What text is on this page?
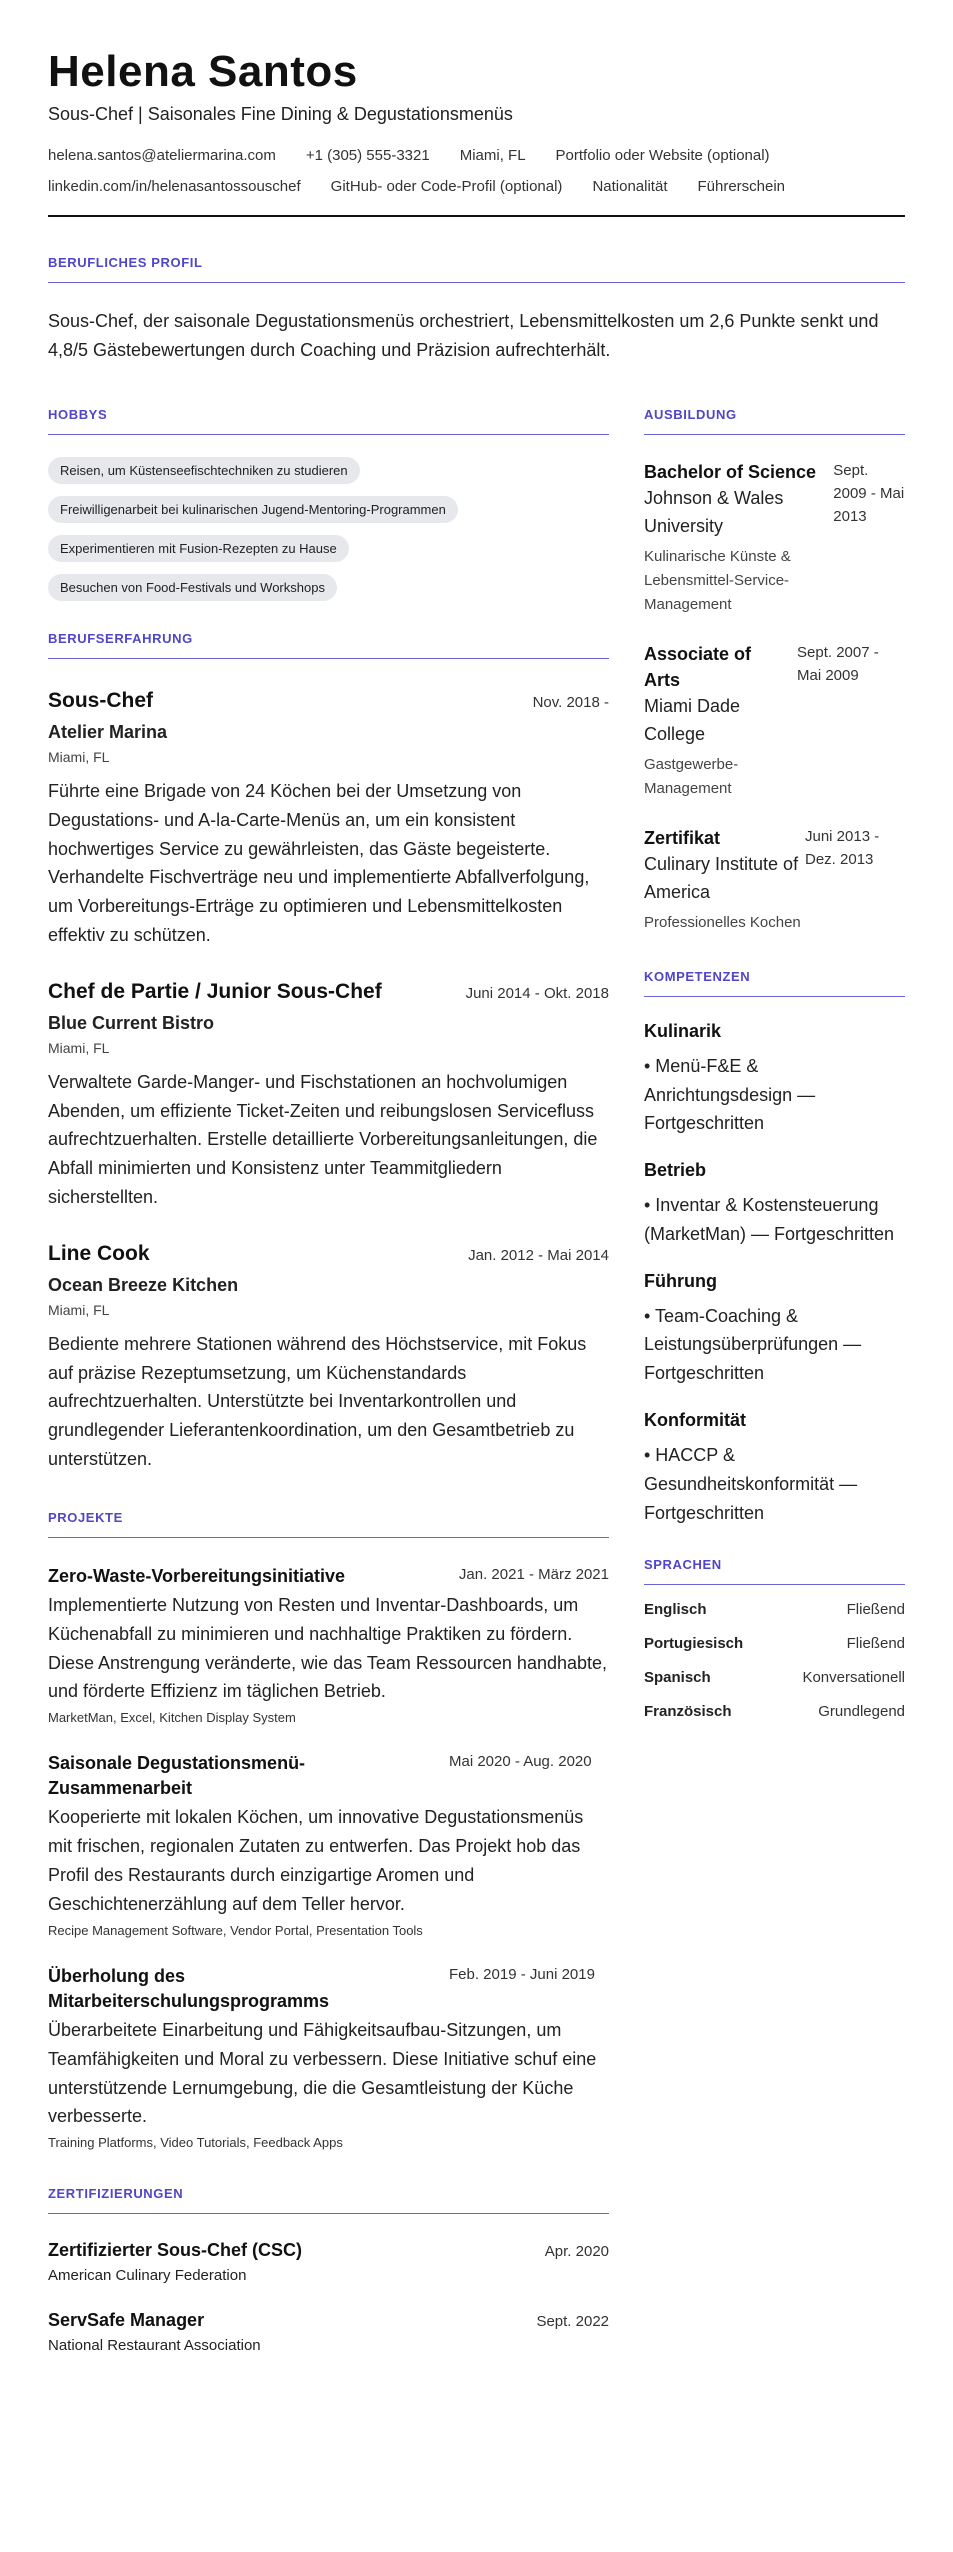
Helena Santos
Sous-Chef | Saisonales Fine Dining & Degustationsmenüs
helena.santos@ateliermarina.com +1 (305) 555-3321 Miami, FL Portfolio oder Website (optional)
linkedin.com/in/helenasantossouschef GitHub- oder Code-Profil (optional) Nationalität Führerschein
BERUFLICHES PROFIL

Sous-Chef, der saisonale Degustationsmenüs orchestriert, Lebensmittelkosten um 2,6 Punkte senkt und 4,8/5 Gästebewertungen durch Coaching und Präzision aufrechterhält.

HOBBYS
Reisen, um Küstenseefischtechniken zu studieren
Freiwilligenarbeit bei kulinarischen Jugend-Mentoring-Programmen
Experimentieren mit Fusion-Rezepten zu Hause
Besuchen von Food-Festivals und Workshops
BERUFSERFAHRUNG
Sous-Chef	Nov. 2018 -
Atelier Marina
Miami, FL
Führte eine Brigade von 24 Köchen bei der Umsetzung von Degustations- und A-la-Carte-Menüs an, um ein konsistent hochwertiges Service zu gewährleisten, das Gäste begeisterte. Verhandelte Fischverträge neu und implementierte Abfallverfolgung, um Vorbereitungs-Erträge zu optimieren und Lebensmittelkosten effektiv zu schützen.
Chef de Partie / Junior Sous-Chef	Juni 2014 - Okt. 2018
Blue Current Bistro
Miami, FL
Verwaltete Garde-Manger- und Fischstationen an hochvolumigen Abenden, um effiziente Ticket-Zeiten und reibungslosen Servicefluss aufrechtzuerhalten. Erstelle detaillierte Vorbereitungsanleitungen, die Abfall minimierten und Konsistenz unter Teammitgliedern sicherstellten.
Line Cook	Jan. 2012 - Mai 2014
Ocean Breeze Kitchen
Miami, FL
Bediente mehrere Stationen während des Höchstservice, mit Fokus auf präzise Rezeptumsetzung, um Küchenstandards aufrechtzuerhalten. Unterstützte bei Inventarkontrollen und grundlegender Lieferantenkoordination, um den Gesamtbetrieb zu unterstützen.
PROJEKTE
Zero-Waste-Vorbereitungsinitiative	Jan. 2021 - März 2021
Implementierte Nutzung von Resten und Inventar-Dashboards, um Küchenabfall zu minimieren und nachhaltige Praktiken zu fördern. Diese Anstrengung veränderte, wie das Team Ressourcen handhabte, und förderte Effizienz im täglichen Betrieb.
MarketMan, Excel, Kitchen Display System
Saisonale Degustationsmenü-Zusammenarbeit
Mai 2020 - Aug. 2020
Kooperierte mit lokalen Köchen, um innovative Degustationsmenüs mit frischen, regionalen Zutaten zu entwerfen. Das Projekt hob das Profil des Restaurants durch einzigartige Aromen und Geschichtenerzählung auf dem Teller hervor.
Recipe Management Software, Vendor Portal, Presentation Tools
Überholung des Mitarbeiterschulungsprogramms
Feb. 2019 - Juni 2019
Überarbeitete Einarbeitung und Fähigkeitsaufbau-Sitzungen, um Teamfähigkeiten und Moral zu verbessern. Diese Initiative schuf eine unterstützende Lernumgebung, die die Gesamtleistung der Küche verbesserte.
Training Platforms, Video Tutorials, Feedback Apps
ZERTIFIZIERUNGEN
Zertifizierter Sous-Chef (CSC)	Apr. 2020
American Culinary Federation
ServSafe Manager	Sept. 2022
National Restaurant Association
AUSBILDUNG
Bachelor of Science
Johnson & Wales University
Kulinarische Künste & Lebensmittel-Service-Management
Sept. 2009 - Mai 2013
Associate of Arts
Miami Dade College
Gastgewerbe-Management
Sept. 2007 - Mai 2009
Zertifikat
Culinary Institute of America
Professionelles Kochen
Juni 2013 - Dez. 2013
KOMPETENZEN
Kulinarik
• Menü-F&E & Anrichtungsdesign — Fortgeschritten
Betrieb
• Inventar & Kostensteuerung (MarketMan) — Fortgeschritten
Führung
• Team-Coaching & Leistungsüberprüfungen — Fortgeschritten
Konformität
• HACCP & Gesundheitskonformität — Fortgeschritten
SPRACHEN
Englisch	Fließend
Portugiesisch	Fließend
Spanisch	Konversationell
Französisch	Grundlegend
